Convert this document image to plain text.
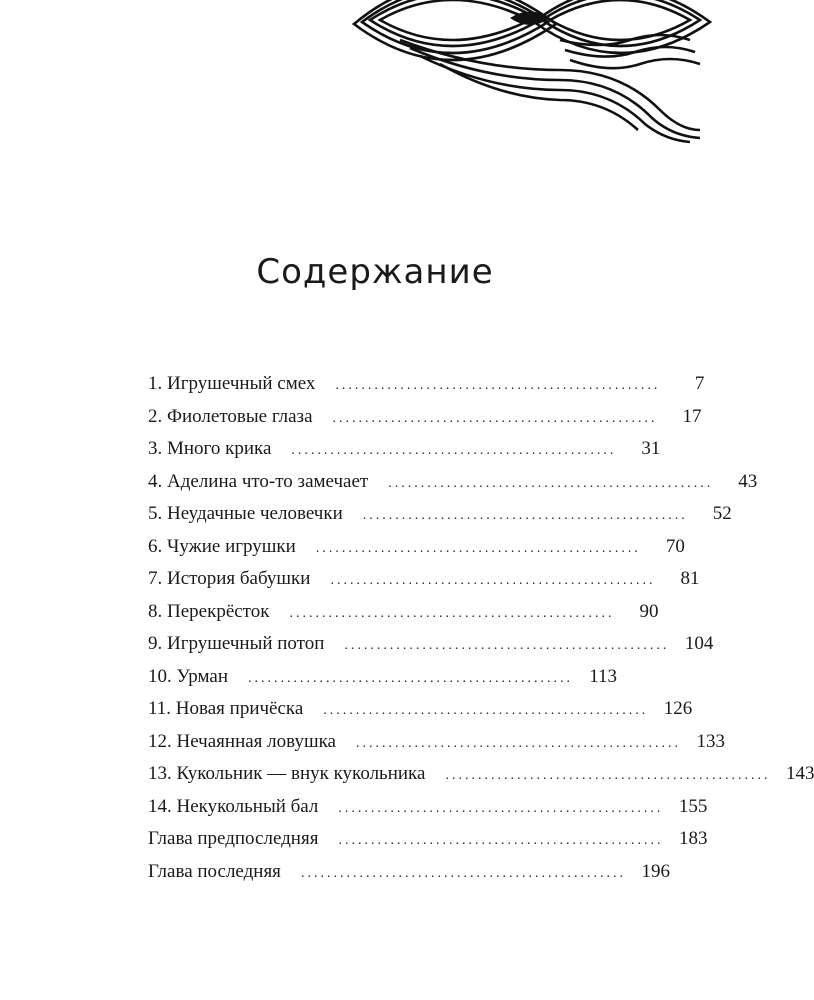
Содержание
1. Игрушечный смех ..................................................	7
2. Фиолетовые глаза ..................................................	17
3. Много крика ..................................................	31
4. Аделина что-то замечает ..................................................	43
5. Неудачные человечки ..................................................	52
6. Чужие игрушки ..................................................	70
7. История бабушки ..................................................	81
8. Перекрёсток ..................................................	90
9. Игрушечный потоп .................................................. 104
10. Урман .................................................. 113
11. Новая причёска .................................................. 126
12. Нечаянная ловушка .................................................. 133
13. Кукольник — внук кукольника .................................................. 143
14. Некукольный бал .................................................. 155
Глава предпоследняя .................................................. 183
Глава последняя .................................................. 196
